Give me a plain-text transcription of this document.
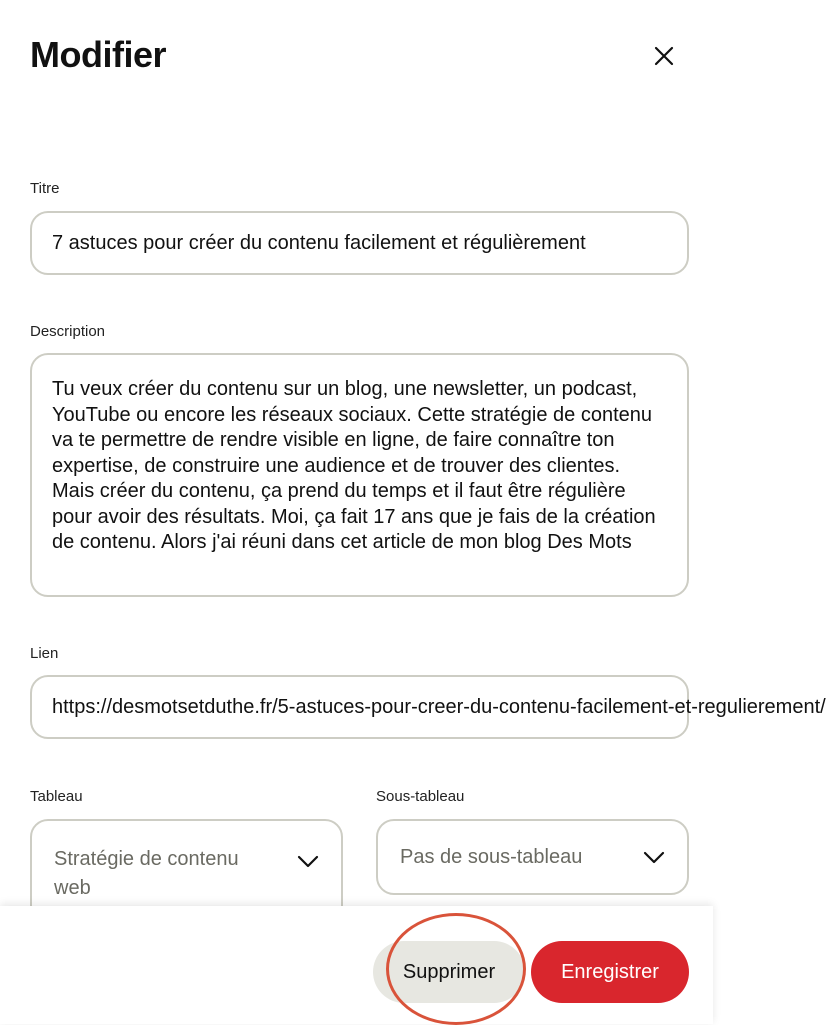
Modifier
Titre
7 astuces pour créer du contenu facilement et régulièrement
Description
Tu veux créer du contenu sur un blog, une newsletter, un podcast, YouTube ou encore les réseaux sociaux. Cette stratégie de contenu va te permettre de rendre visible en ligne, de faire connaître ton expertise, de construire une audience et de trouver des clientes. Mais créer du contenu, ça prend du temps et il faut être régulière pour avoir des résultats. Moi, ça fait 17 ans que je fais de la création de contenu. Alors j'ai réuni dans cet article de mon blog Des Mots
Lien
https://desmotsetduthe.fr/5-astuces-pour-creer-du-contenu-facilement-et-regulierement/
Tableau	Sous-tableau
Stratégie de contenu web
Pas de sous-tableau
Supprimer	Enregistrer
